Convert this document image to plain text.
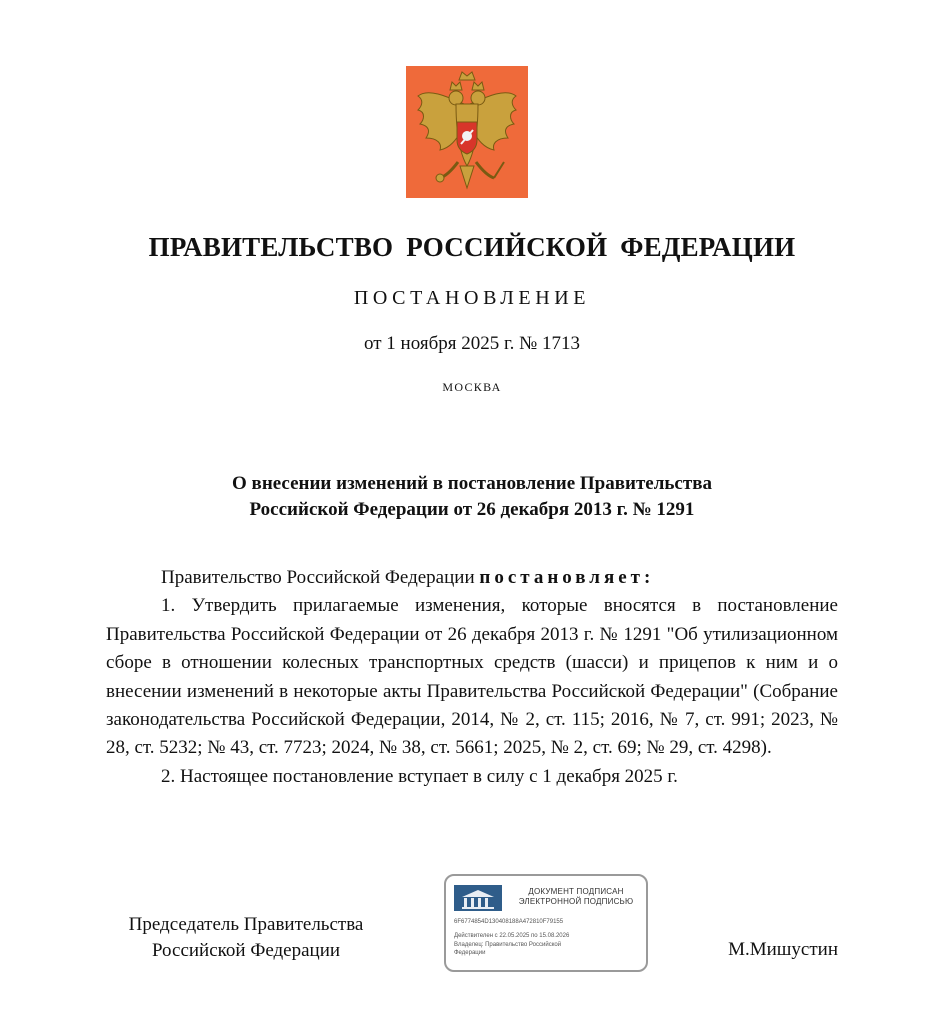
ПРАВИТЕЛЬСТВО РОССИЙСКОЙ ФЕДЕРАЦИИ
ПОСТАНОВЛЕНИЕ
от 1 ноября 2025 г. № 1713
МОСКВА
О внесении изменений в постановление Правительства
Российской Федерации от 26 декабря 2013 г. № 1291

Правительство Российской Федерации постановляет:

1. Утвердить прилагаемые изменения, которые вносятся в постановление Правительства Российской Федерации от 26 декабря 2013 г. № 1291 "Об утилизационном сборе в отношении колесных транспортных средств (шасси) и прицепов к ним и о внесении изменений в некоторые акты Правительства Российской Федерации" (Собрание законодательства Российской Федерации, 2014, № 2, ст. 115; 2016, № 7, ст. 991; 2023, № 28, ст. 5232; № 43, ст. 7723; 2024, № 38, ст. 5661; 2025, № 2, ст. 69; № 29, ст. 4298).

2. Настоящее постановление вступает в силу с 1 декабря 2025 г.

Председатель Правительства
Российской Федерации
ДОКУМЕНТ ПОДПИСАН
ЭЛЕКТРОННОЙ ПОДПИСЬЮ
6F6774854D130408188A472810F79155
Действителен с 22.05.2025 по 15.08.2026
Владелец: Правительство Российской
Федерации	М.Мишустин
